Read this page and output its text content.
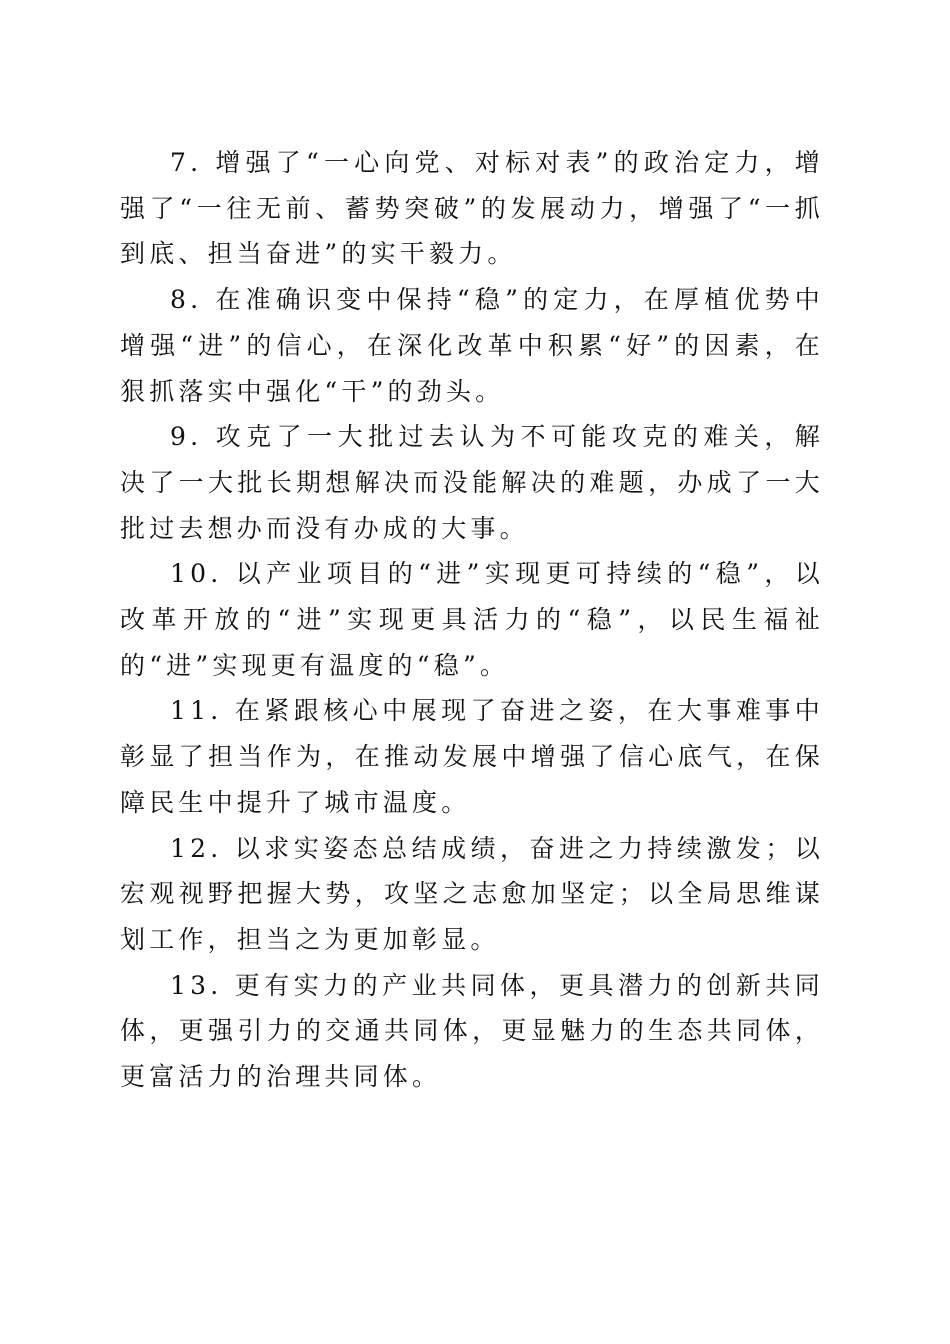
7. 增强了“一心向党、对标对表”的政治定力，增强了“一往无前、蓄势突破”的发展动力，增强了“一抓到底、担当奋进”的实干毅力。

8. 在准确识变中保持“稳”的定力，在厚植优势中增强“进”的信心，在深化改革中积累“好”的因素，在狠抓落实中强化“干”的劲头。

9. 攻克了一大批过去认为不可能攻克的难关，解决了一大批长期想解决而没能解决的难题，办成了一大批过去想办而没有办成的大事。

10. 以产业项目的“进”实现更可持续的“稳”，以改革开放的“进”实现更具活力的“稳”，以民生福祉的“进”实现更有温度的“稳”。

11. 在紧跟核心中展现了奋进之姿，在大事难事中彰显了担当作为，在推动发展中增强了信心底气，在保障民生中提升了城市温度。

12. 以求实姿态总结成绩，奋进之力持续激发；以宏观视野把握大势，攻坚之志愈加坚定；以全局思维谋划工作，担当之为更加彰显。

13. 更有实力的产业共同体，更具潜力的创新共同体，更强引力的交通共同体，更显魅力的生态共同体，更富活力的治理共同体。
